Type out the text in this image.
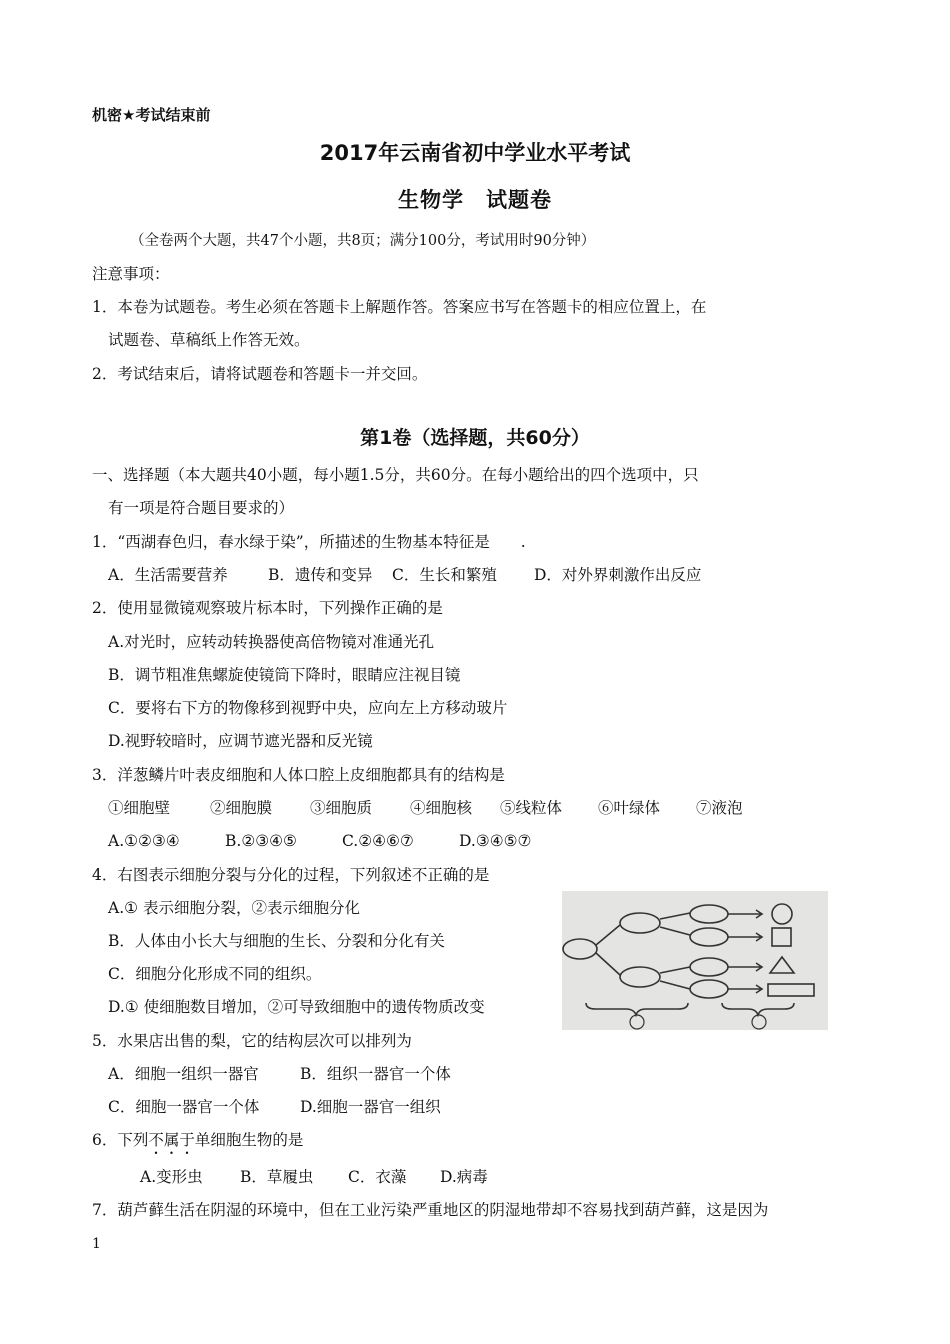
机密★考试结束前
2017年云南省初中学业水平考试
生物学　试题卷
（全卷两个大题，共47个小题，共8页；满分100分，考试用时90分钟）
注意事项：
1．本卷为试题卷。考生必须在答题卡上解题作答。答案应书写在答题卡的相应位置上，在
试题卷、草稿纸上作答无效。
2．考试结束后，请将试题卷和答题卡一并交回。
第1卷（选择题，共60分）
一、选择题（本大题共40小题，每小题1.5分，共60分。在每小题给出的四个选项中，只
有一项是符合题目要求的）
1．“西湖春色归，春水绿于染”，所描述的生物基本特征是　　.
A．生活需要营养	B．遗传和变异 C．生长和繁殖 D．对外界刺激作出反应
2．使用显微镜观察玻片标本时，下列操作正确的是
A.对光时，应转动转换器使高倍物镜对准通光孔
B．调节粗准焦螺旋使镜筒下降时，眼睛应注视目镜
C．要将右下方的物像移到视野中央，应向左上方移动玻片
D.视野较暗时，应调节遮光器和反光镜
3．洋葱鳞片叶表皮细胞和人体口腔上皮细胞都具有的结构是
①细胞壁	②细胞膜 ③细胞质 ④细胞核 ⑤线粒体 ⑥叶绿体 ⑦液泡
A.①②③④	B.②③④⑤	C.②④⑥⑦	D.③④⑤⑦
4．右图表示细胞分裂与分化的过程，下列叙述不正确的是
A.① 表示细胞分裂，②表示细胞分化
B．人体由小长大与细胞的生长、分裂和分化有关
C．细胞分化形成不同的组织。
D.① 使细胞数目增加，②可导致细胞中的遗传物质改变
5．水果店出售的梨，它的结构层次可以排列为
A．细胞一组织一器官	B．组织一器官一个体
C．细胞一器官一个体	D.细胞一器官一组织
6．下列不属于单细胞生物的是
A.变形虫 B．草履虫 C．衣藻 D.病毒
7．葫芦藓生活在阴湿的环境中，但在工业污染严重地区的阴湿地带却不容易找到葫芦藓，这是因为
1
